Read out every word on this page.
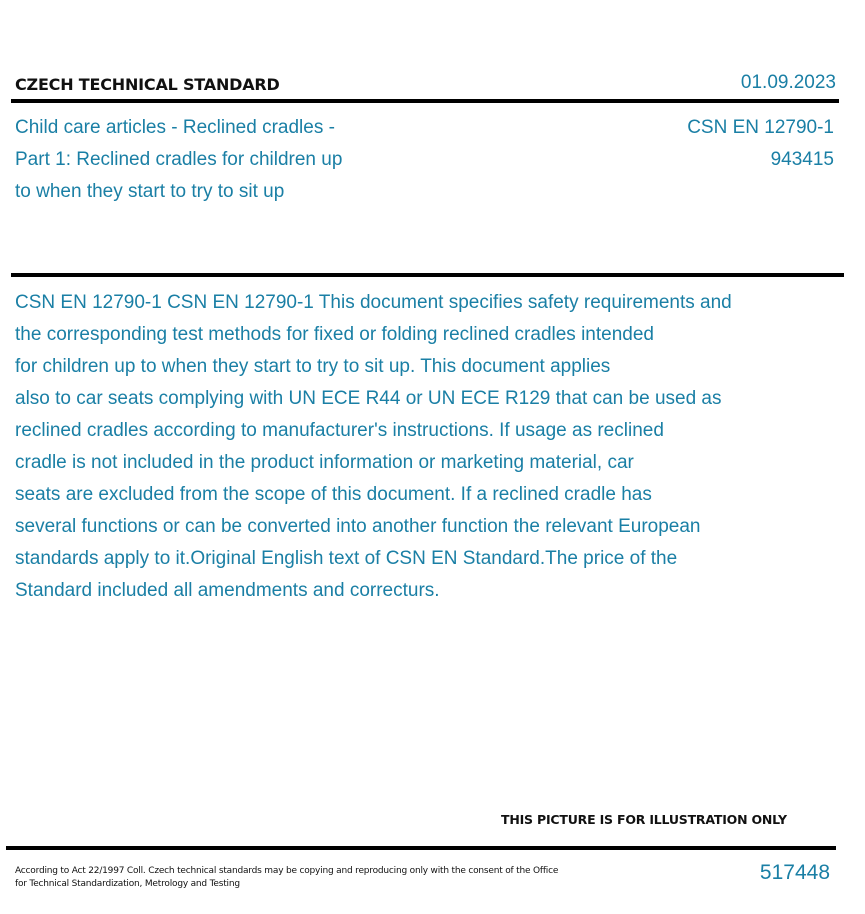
CZECH TECHNICAL STANDARD	01.09.2023
Child care articles - Reclined cradles -
Part 1: Reclined cradles for children up
to when they start to try to sit up
CSN EN 12790-1
943415
CSN EN 12790-1 CSN EN 12790-1 This document specifies safety requirements and
the corresponding test methods for fixed or folding reclined cradles intended
for children up to when they start to try to sit up. This document applies
also to car seats complying with UN ECE R44 or UN ECE R129 that can be used as
reclined cradles according to manufacturer's instructions. If usage as reclined
cradle is not included in the product information or marketing material, car
seats are excluded from the scope of this document. If a reclined cradle has
several functions or can be converted into another function the relevant European
standards apply to it.Original English text of CSN EN Standard.The price of the
Standard included all amendments and correcturs.
THIS PICTURE IS FOR ILLUSTRATION ONLY
According to Act 22/1997 Coll. Czech technical standards may be copying and reproducing only with the consent of the Office
for Technical Standardization, Metrology and Testing	517448
